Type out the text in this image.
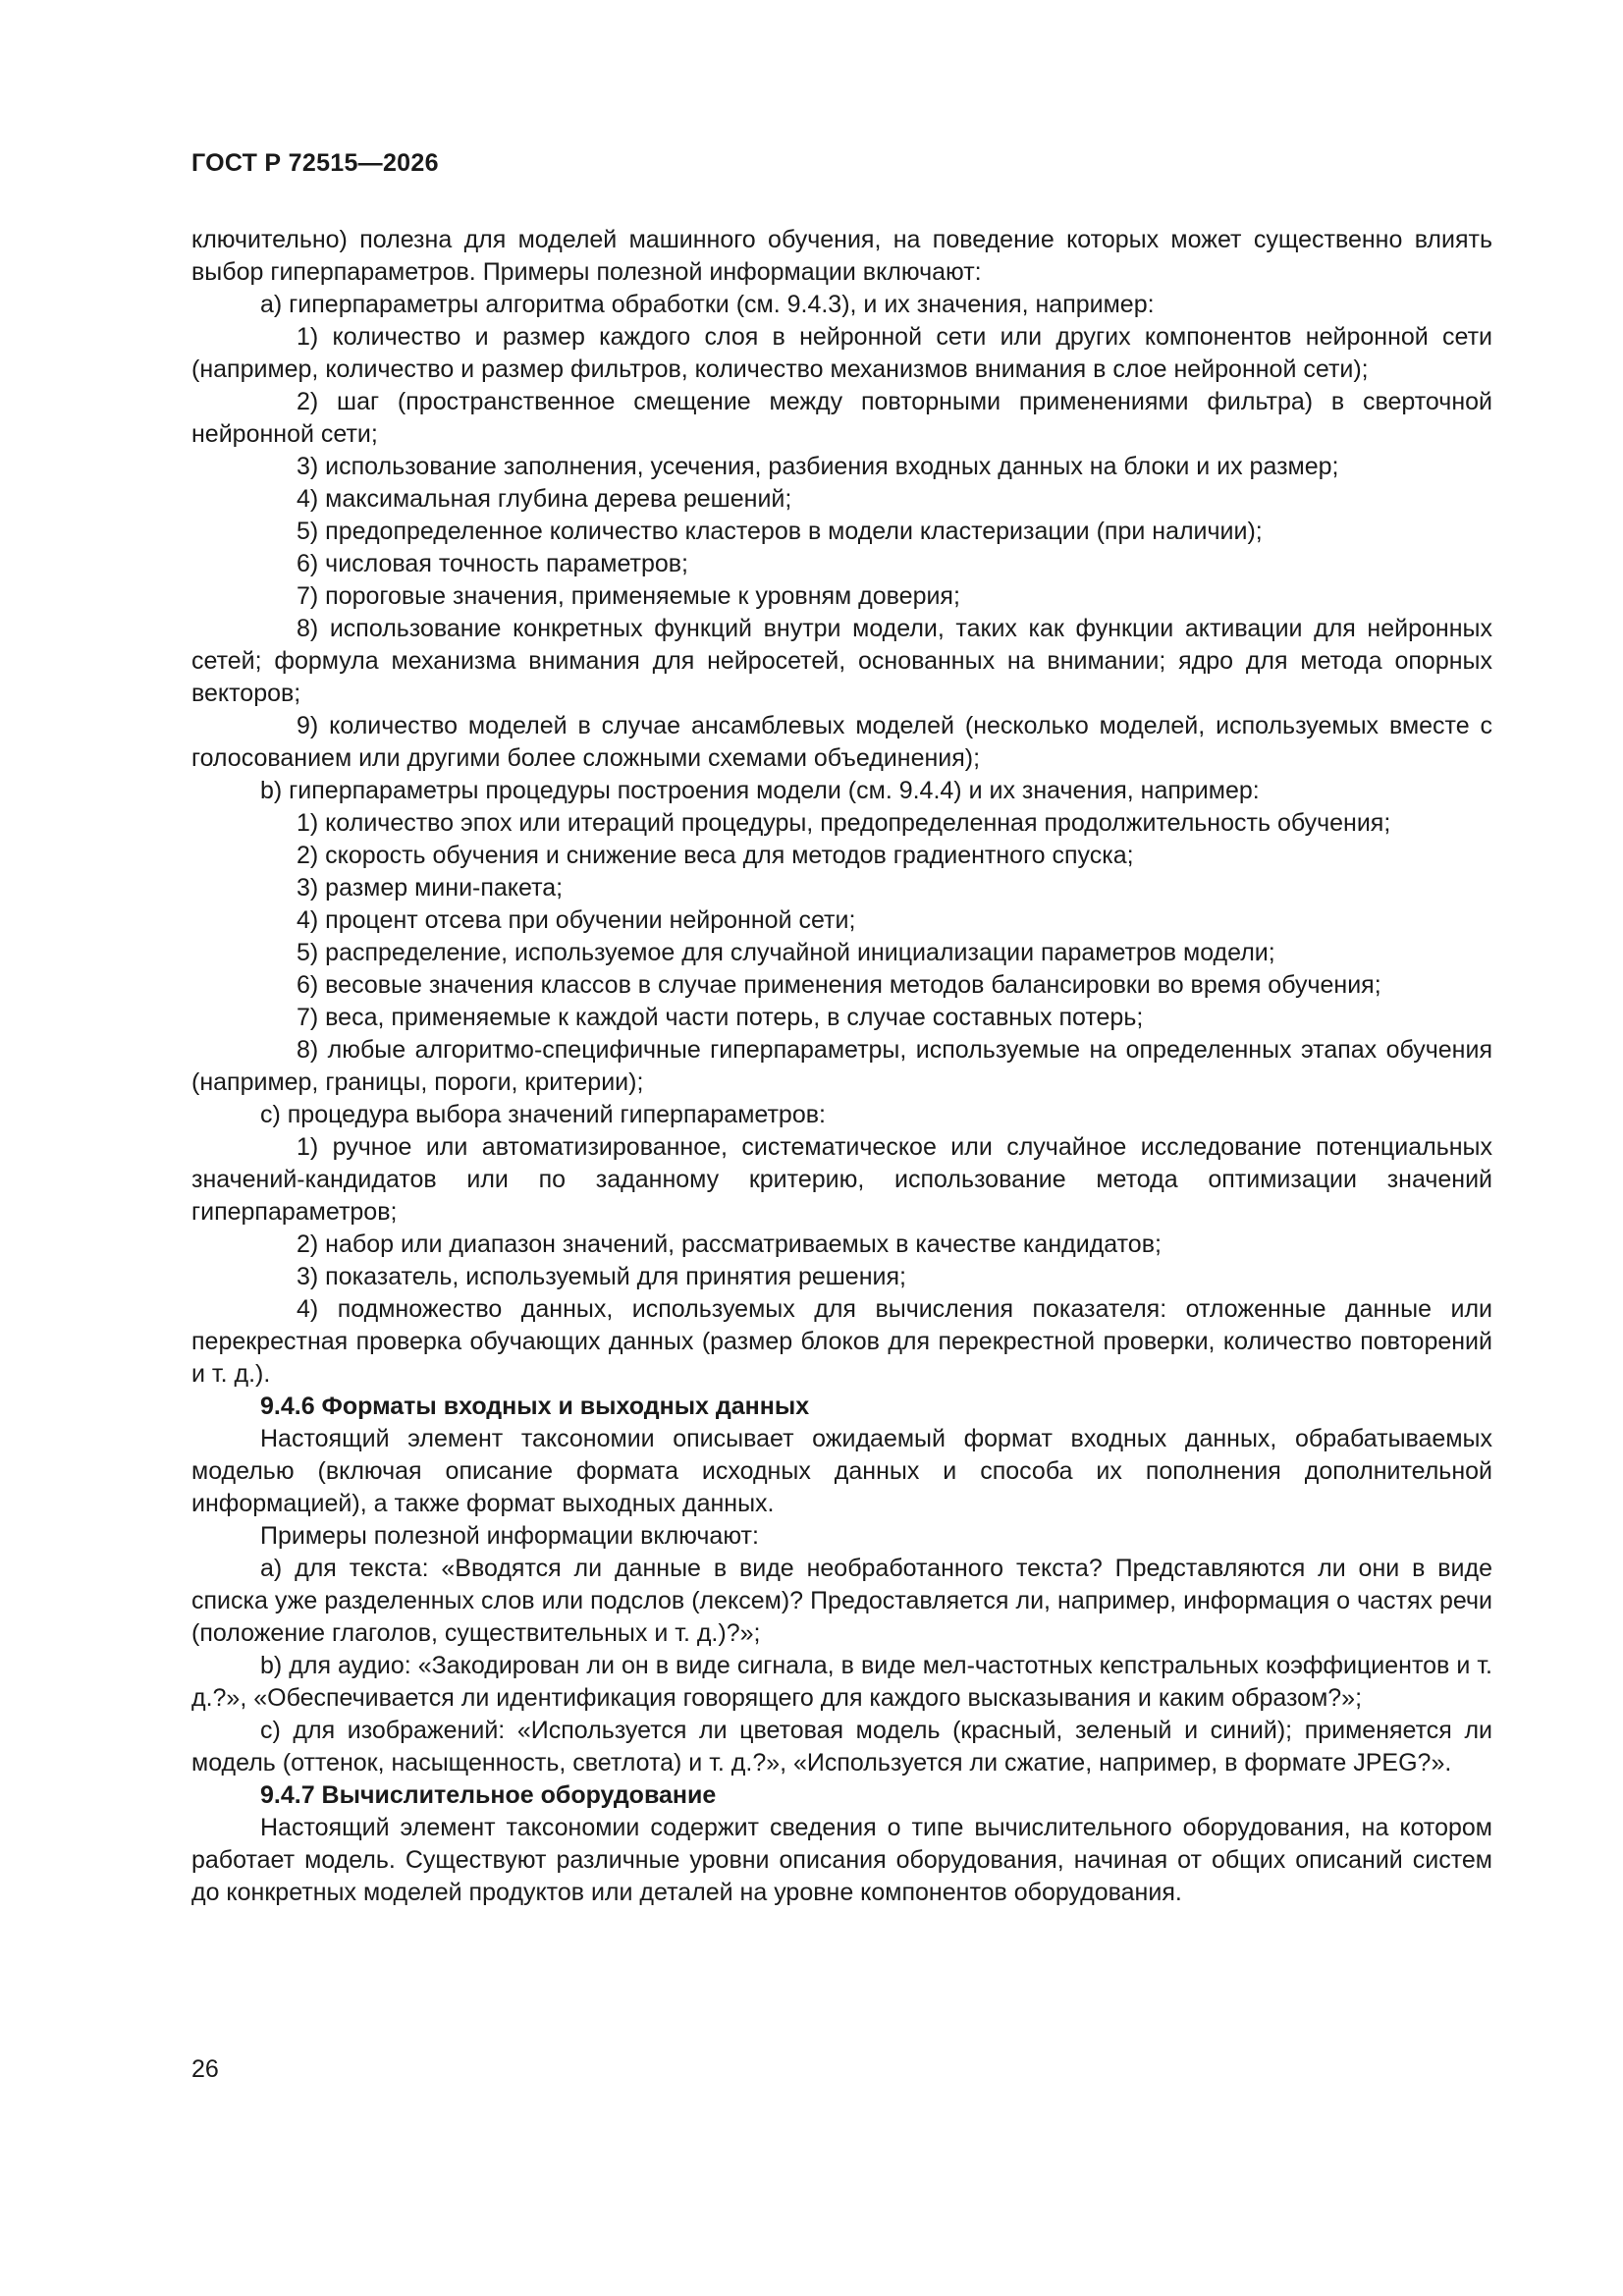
ГОСТ Р 72515—2026

ключительно) полезна для моделей машинного обучения, на поведение которых может существенно влиять выбор гиперпараметров. Примеры полезной информации включают:

a) гиперпараметры алгоритма обработки (см. 9.4.3), и их значения, например:

1) количество и размер каждого слоя в нейронной сети или других компонентов нейронной сети (например, количество и размер фильтров, количество механизмов внимания в слое нейронной сети);

2) шаг (пространственное смещение между повторными применениями фильтра) в сверточной нейронной сети;

3) использование заполнения, усечения, разбиения входных данных на блоки и их размер;

4) максимальная глубина дерева решений;

5) предопределенное количество кластеров в модели кластеризации (при наличии);

6) числовая точность параметров;

7) пороговые значения, применяемые к уровням доверия;

8) использование конкретных функций внутри модели, таких как функции активации для нейронных сетей; формула механизма внимания для нейросетей, основанных на внимании; ядро для метода опорных векторов;

9) количество моделей в случае ансамблевых моделей (несколько моделей, используемых вместе с голосованием или другими более сложными схемами объединения);

b) гиперпараметры процедуры построения модели (см. 9.4.4) и их значения, например:

1) количество эпох или итераций процедуры, предопределенная продолжительность обучения;

2) скорость обучения и снижение веса для методов градиентного спуска;

3) размер мини-пакета;

4) процент отсева при обучении нейронной сети;

5) распределение, используемое для случайной инициализации параметров модели;

6) весовые значения классов в случае применения методов балансировки во время обучения;

7) веса, применяемые к каждой части потерь, в случае составных потерь;

8) любые алгоритмо-специфичные гиперпараметры, используемые на определенных этапах обучения (например, границы, пороги, критерии);

c) процедура выбора значений гиперпараметров:

1) ручное или автоматизированное, систематическое или случайное исследование потенциальных значений-кандидатов или по заданному критерию, использование метода оптимизации значений гиперпараметров;

2) набор или диапазон значений, рассматриваемых в качестве кандидатов;

3) показатель, используемый для принятия решения;

4) подмножество данных, используемых для вычисления показателя: отложенные данные или перекрестная проверка обучающих данных (размер блоков для перекрестной проверки, количество повторений и т. д.).

9.4.6 Форматы входных и выходных данных

Настоящий элемент таксономии описывает ожидаемый формат входных данных, обрабатываемых моделью (включая описание формата исходных данных и способа их пополнения дополнительной информацией), а также формат выходных данных.

Примеры полезной информации включают:

a) для текста: «Вводятся ли данные в виде необработанного текста? Представляются ли они в виде списка уже разделенных слов или подслов (лексем)? Предоставляется ли, например, информация о частях речи (положение глаголов, существительных и т. д.)?»;

b) для аудио: «Закодирован ли он в виде сигнала, в виде мел-частотных кепстральных коэффициентов и т. д.?», «Обеспечивается ли идентификация говорящего для каждого высказывания и каким образом?»;

c) для изображений: «Используется ли цветовая модель (красный, зеленый и синий); применяется ли модель (оттенок, насыщенность, светлота) и т. д.?», «Используется ли сжатие, например, в формате JPEG?».

9.4.7 Вычислительное оборудование

Настоящий элемент таксономии содержит сведения о типе вычислительного оборудования, на котором работает модель. Существуют различные уровни описания оборудования, начиная от общих описаний систем до конкретных моделей продуктов или деталей на уровне компонентов оборудования.

26
